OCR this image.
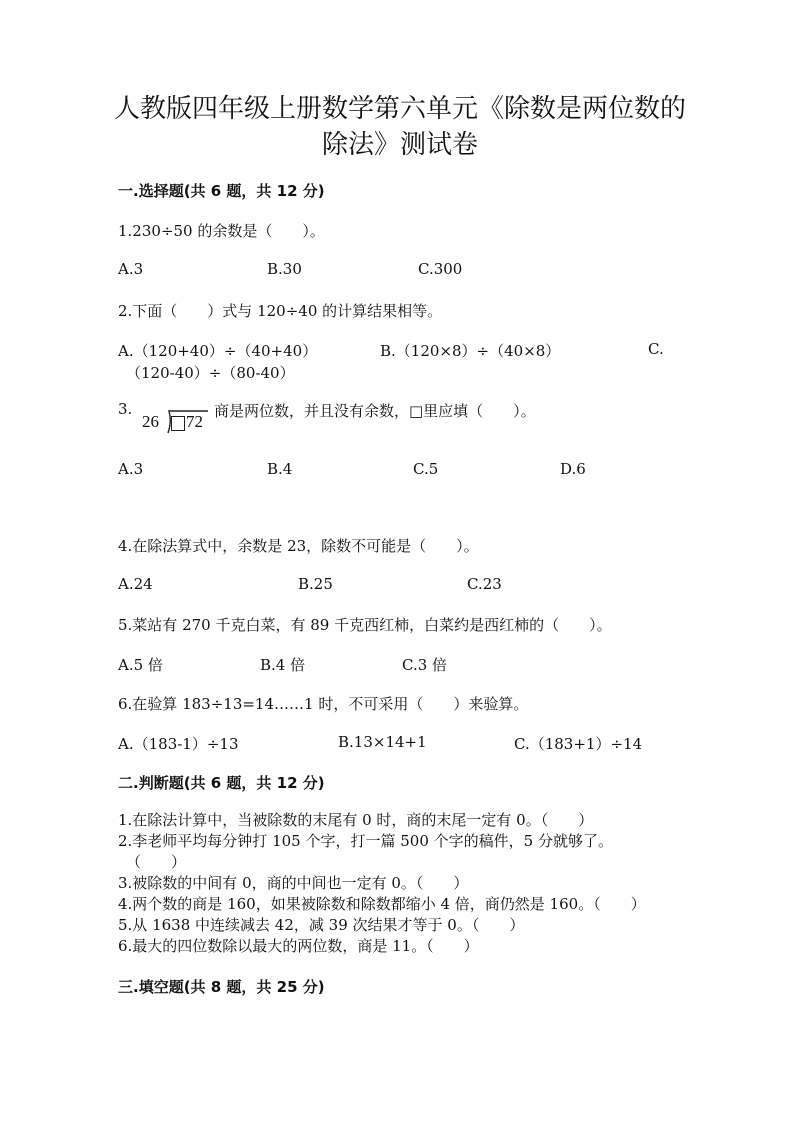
人教版四年级上册数学第六单元《除数是两位数的
除法》测试卷
一.选择题(共 6 题，共 12 分)
1.230÷50 的余数是（　　）。
A.3	B.30	C.300
2.下面（　　）式与 120÷40 的计算结果相等。
A.（120+40）÷（40+40）	B.（120×8）÷（40×8）	C.
（120-40）÷（80-40）
3.
26 72
商是两位数，并且没有余数，□里应填（　　）。
A.3	B.4	C.5	D.6
4.在除法算式中，余数是 23，除数不可能是（　　）。
A.24	B.25	C.23
5.菜站有 270 千克白菜，有 89 千克西红柿，白菜约是西红柿的（　　）。
A.5 倍	B.4 倍	C.3 倍
6.在验算 183÷13=14……1 时，不可采用（　　）来验算。
A.（183-1）÷13	B.13×14+1	C.（183+1）÷14
二.判断题(共 6 题，共 12 分)
1.在除法计算中，当被除数的末尾有 0 时，商的末尾一定有 0。（　　）
2.李老师平均每分钟打 105 个字，打一篇 500 个字的稿件，5 分就够了。
（　　）
3.被除数的中间有 0，商的中间也一定有 0。（　　）
4.两个数的商是 160，如果被除数和除数都缩小 4 倍，商仍然是 160。（　　）
5.从 1638 中连续减去 42，减 39 次结果才等于 0。（　　）
6.最大的四位数除以最大的两位数，商是 11。（　　）
三.填空题(共 8 题，共 25 分)
